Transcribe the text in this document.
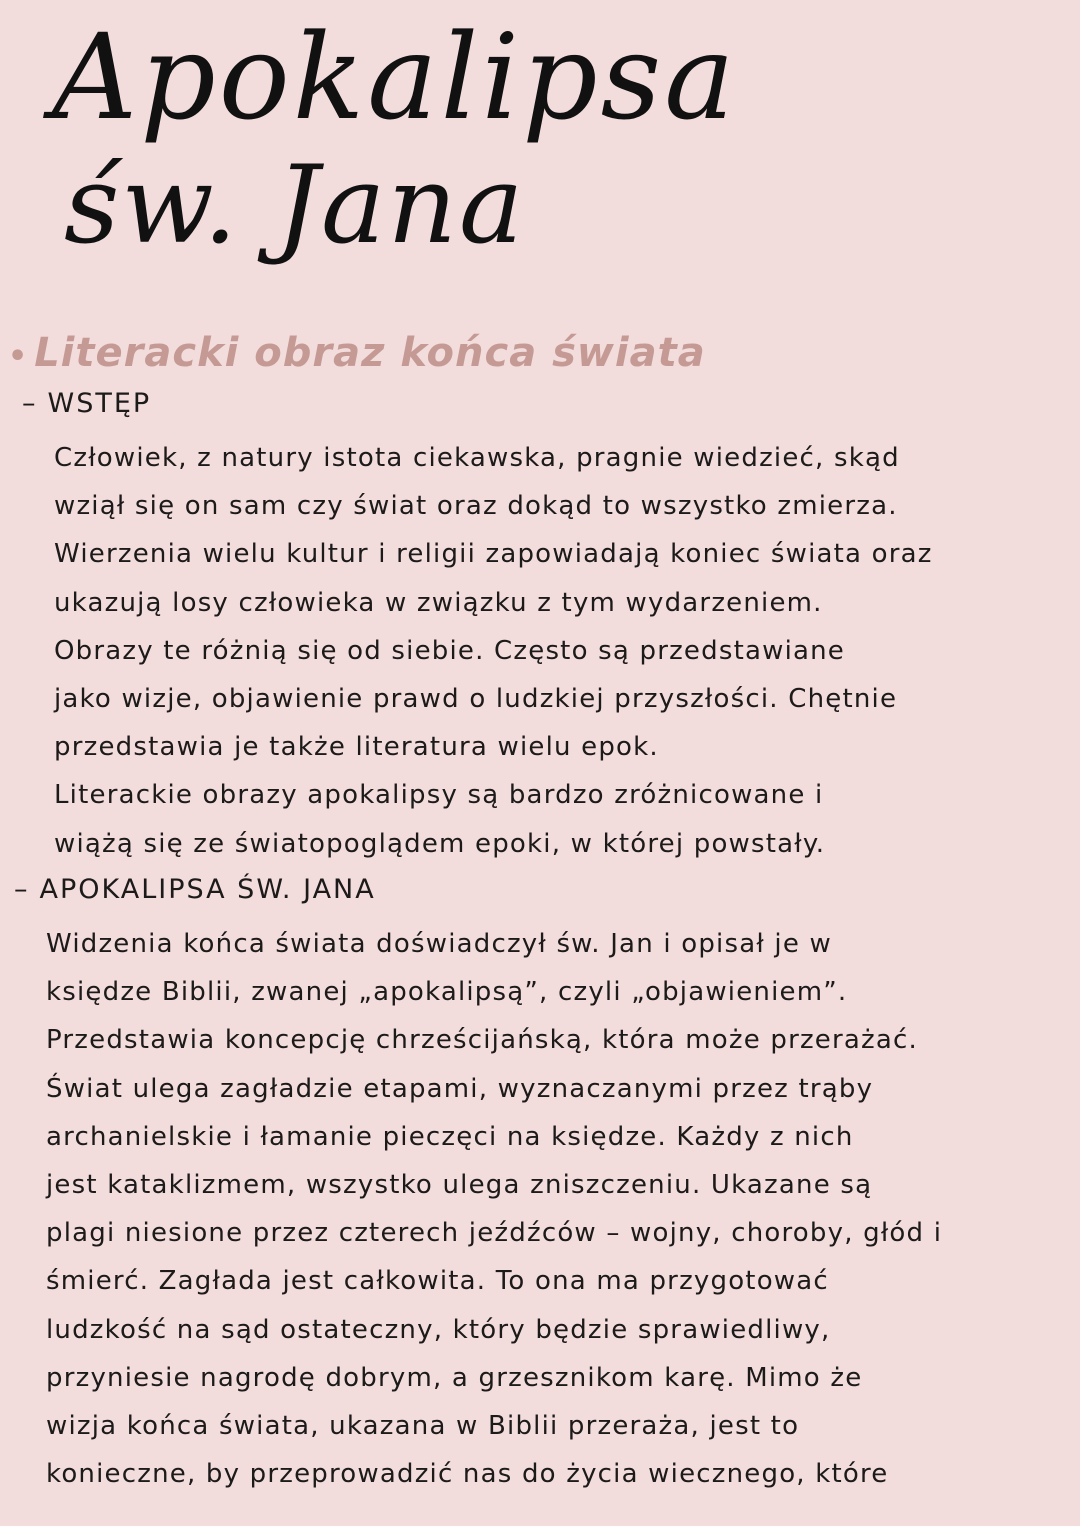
Apokalipsa
św. Jana
• Literacki obraz końca świata
– WSTĘP
Człowiek, z natury istota ciekawska, pragnie wiedzieć, skąd
wziął się on sam czy świat oraz dokąd to wszystko zmierza.
Wierzenia wielu kultur i religii zapowiadają koniec świata oraz
ukazują losy człowieka w związku z tym wydarzeniem.
Obrazy te różnią się od siebie. Często są przedstawiane
jako wizje, objawienie prawd o ludzkiej przyszłości. Chętnie
przedstawia je także literatura wielu epok.
Literackie obrazy apokalipsy są bardzo zróżnicowane i
wiążą się ze światopoglądem epoki, w której powstały.
– APOKALIPSA ŚW. JANA
Widzenia końca świata doświadczył św. Jan i opisał je w
księdze Biblii, zwanej „apokalipsą”, czyli „objawieniem”.
Przedstawia koncepcję chrześcijańską, która może przerażać.
Świat ulega zagładzie etapami, wyznaczanymi przez trąby
archanielskie i łamanie pieczęci na księdze. Każdy z nich
jest kataklizmem, wszystko ulega zniszczeniu. Ukazane są
plagi niesione przez czterech jeźdźców – wojny, choroby, głód i
śmierć. Zagłada jest całkowita. To ona ma przygotować
ludzkość na sąd ostateczny, który będzie sprawiedliwy,
przyniesie nagrodę dobrym, a grzesznikom karę. Mimo że
wizja końca świata, ukazana w Biblii przeraża, jest to
konieczne, by przeprowadzić nas do życia wiecznego, które
